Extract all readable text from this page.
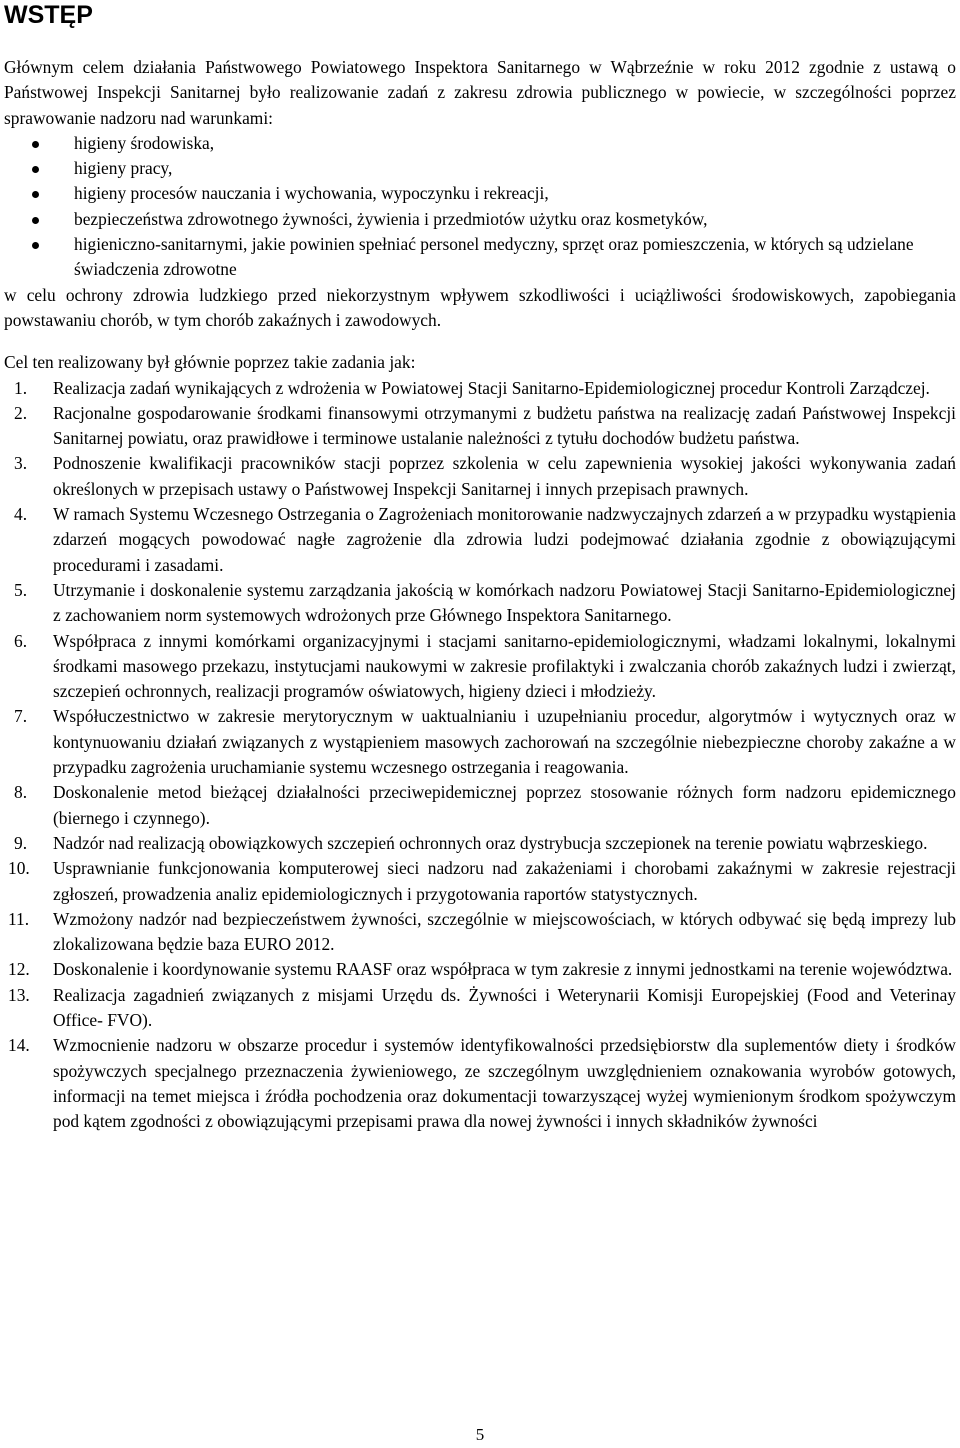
WSTĘP

Głównym celem działania Państwowego Powiatowego Inspektora Sanitarnego w Wąbrzeźnie w roku 2012 zgodnie z ustawą o Państwowej Inspekcji Sanitarnej było realizowanie zadań z zakresu zdrowia publicznego w powiecie, w szczególności poprzez sprawowanie nadzoru nad warunkami:

higieny środowiska,
higieny pracy,
higieny procesów nauczania i wychowania, wypoczynku i rekreacji,
bezpieczeństwa zdrowotnego żywności, żywienia i przedmiotów użytku oraz kosmetyków,
higieniczno-sanitarnymi, jakie powinien spełniać personel medyczny, sprzęt oraz pomieszczenia, w których są udzielane świadczenia zdrowotne

w celu ochrony zdrowia ludzkiego przed niekorzystnym wpływem szkodliwości i uciążliwości środowiskowych, zapobiegania powstawaniu chorób, w tym chorób zakaźnych i zawodowych.

Cel ten realizowany był głównie poprzez takie zadania jak:

1.	Realizacja zadań wynikających z wdrożenia w Powiatowej Stacji Sanitarno-Epidemiologicznej procedur Kontroli Zarządczej.
2.	Racjonalne gospodarowanie środkami finansowymi otrzymanymi z budżetu państwa na realizację zadań Państwowej Inspekcji Sanitarnej powiatu, oraz prawidłowe i terminowe ustalanie należności z tytułu dochodów budżetu państwa.
3.	Podnoszenie kwalifikacji pracowników stacji poprzez szkolenia w celu zapewnienia wysokiej jakości wykonywania zadań określonych w przepisach ustawy o Państwowej Inspekcji Sanitarnej i innych przepisach prawnych.
4.	W ramach Systemu Wczesnego Ostrzegania o Zagrożeniach monitorowanie nadzwyczajnych zdarzeń a w przypadku wystąpienia zdarzeń mogących powodować nagłe zagrożenie dla zdrowia ludzi podejmować działania zgodnie z obowiązującymi procedurami i zasadami.
5.	Utrzymanie i doskonalenie systemu zarządzania jakością w komórkach nadzoru Powiatowej Stacji Sanitarno-Epidemiologicznej z zachowaniem norm systemowych wdrożonych prze Głównego Inspektora Sanitarnego.
6.	Współpraca z innymi komórkami organizacyjnymi i stacjami sanitarno-epidemiologicznymi, władzami lokalnymi, lokalnymi środkami masowego przekazu, instytucjami naukowymi w zakresie profilaktyki i zwalczania chorób zakaźnych ludzi i zwierząt, szczepień ochronnych, realizacji programów oświatowych, higieny dzieci i młodzieży.
7.	Współuczestnictwo w zakresie merytorycznym w uaktualnianiu i uzupełnianiu procedur, algorytmów i wytycznych oraz w kontynuowaniu działań związanych z wystąpieniem masowych zachorowań na szczególnie niebezpieczne choroby zakaźne a w przypadku zagrożenia uruchamianie systemu wczesnego ostrzegania i reagowania.
8.	Doskonalenie metod bieżącej działalności przeciwepidemicznej poprzez stosowanie różnych form nadzoru epidemicznego (biernego i czynnego).
9.	Nadzór nad realizacją obowiązkowych szczepień ochronnych oraz dystrybucja szczepionek na terenie powiatu wąbrzeskiego.
10.	Usprawnianie funkcjonowania komputerowej sieci nadzoru nad zakażeniami i chorobami zakaźnymi w zakresie rejestracji zgłoszeń, prowadzenia analiz epidemiologicznych i przygotowania raportów statystycznych.
11.	Wzmożony nadzór nad bezpieczeństwem żywności, szczególnie w miejscowościach, w których odbywać się będą imprezy lub zlokalizowana będzie baza EURO 2012.
12.	Doskonalenie i koordynowanie systemu RAASF oraz współpraca w tym zakresie z innymi jednostkami na terenie województwa.
13.	Realizacja zagadnień związanych z misjami Urzędu ds. Żywności i Weterynarii Komisji Europejskiej (Food and Veterinay Office- FVO).
14.	Wzmocnienie nadzoru w obszarze procedur i systemów identyfikowalności przedsiębiorstw dla suplementów diety i środków spożywczych specjalnego przeznaczenia żywieniowego, ze szczególnym uwzględnieniem oznakowania wyrobów gotowych, informacji na temet miejsca i źródła pochodzenia oraz dokumentacji towarzyszącej wyżej wymienionym środkom spożywczym pod kątem zgodności z obowiązującymi przepisami prawa dla nowej żywności i innych składników żywności
5
